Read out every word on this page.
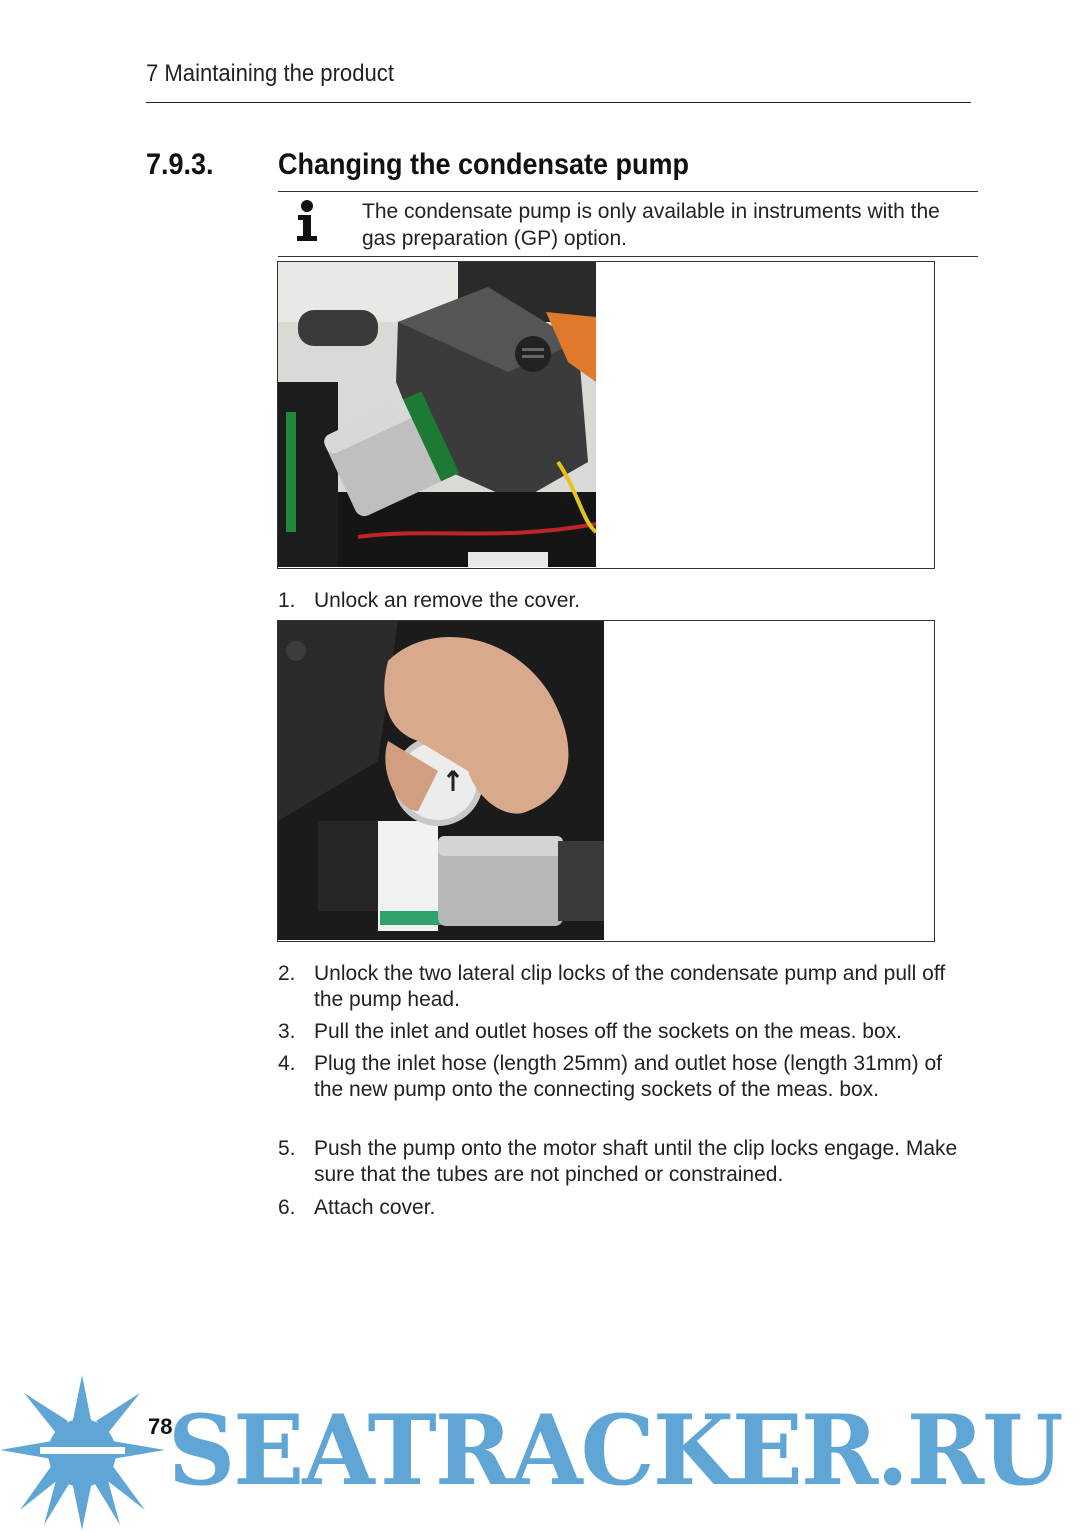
7 Maintaining the product
7.9.3. Changing the condensate pump
The condensate pump is only available in instruments with the gas preparation (GP) option.
1. Unlock an remove the cover.
2. Unlock the two lateral clip locks of the condensate pump and pull off the pump head.
3. Pull the inlet and outlet hoses off the sockets on the meas. box.
4. Plug the inlet hose (length 25mm) and outlet hose (length 31mm) of the new pump onto the connecting sockets of the meas. box.
5. Push the pump onto the motor shaft until the clip locks engage. Make sure that the tubes are not pinched or constrained.
6. Attach cover.
SEATRACKER.RU
78
